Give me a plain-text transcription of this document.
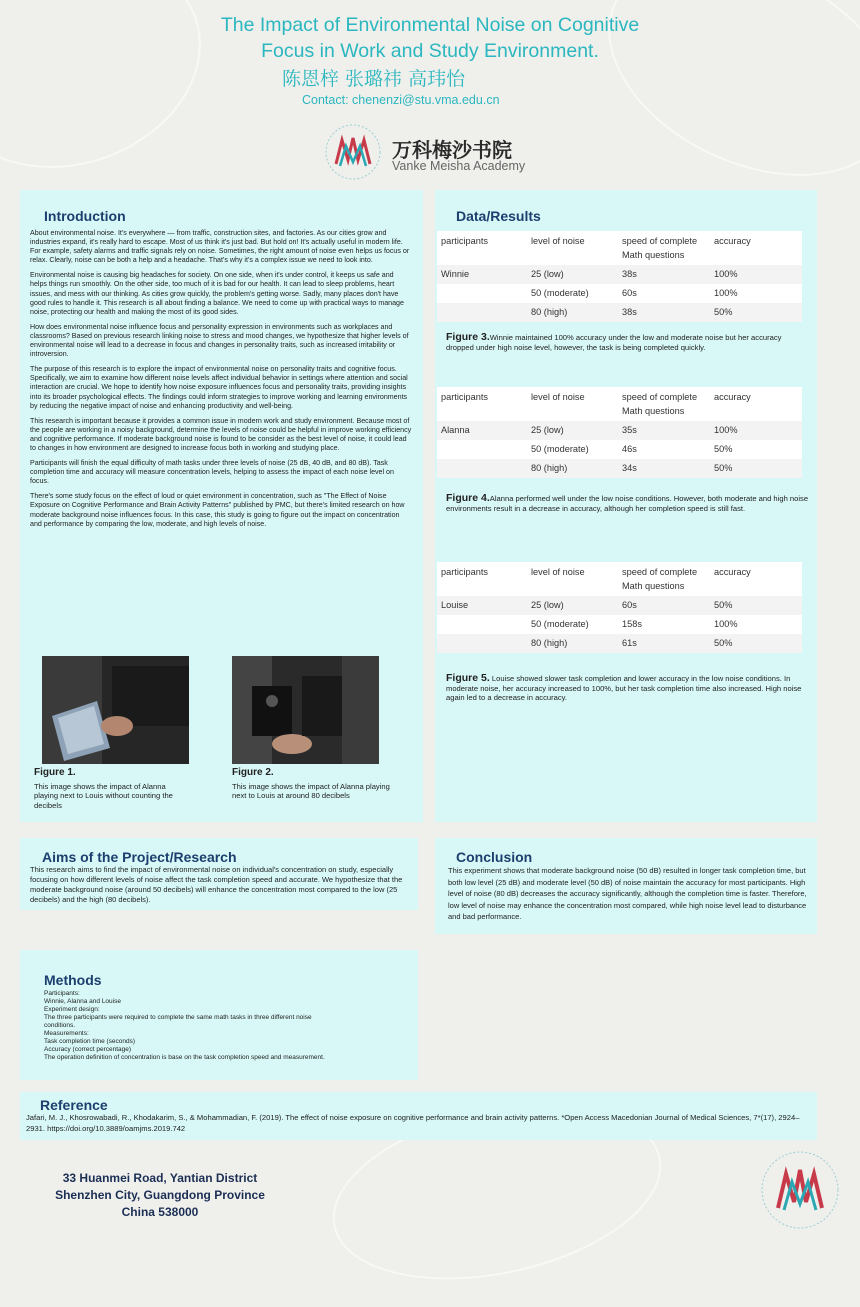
The Impact of Environmental Noise on Cognitive
Focus in Work and Study Environment.
陈恩梓 张璐祎 高玮怡
Contact: chenenzi@stu.vma.edu.cn
万科梅沙书院
Vanke Meisha Academy
Introduction

About environmental noise. It's everywhere — from traffic, construction sites, and factories. As our cities grow and industries expand, it's really hard to escape. Most of us think it's just bad. But hold on! It's actually useful in modern life. For example, safety alarms and traffic signals rely on noise. Sometimes, the right amount of noise even helps us focus or relax. Clearly, noise can be both a help and a headache. That's why it's a complex issue we need to look into.

Environmental noise is causing big headaches for society. On one side, when it's under control, it keeps us safe and helps things run smoothly. On the other side, too much of it is bad for our health. It can lead to sleep problems, heart issues, and mess with our thinking. As cities grow quickly, the problem's getting worse. Sadly, many places don't have good rules to handle it. This research is all about finding a balance. We need to come up with practical ways to manage noise, protecting our health and making the most of its good sides.

How does environmental noise influence focus and personality expression in environments such as workplaces and classrooms? Based on previous research linking noise to stress and mood changes, we hypothesize that higher levels of environmental noise will lead to a decrease in focus and changes in personality traits, such as increased irritability or introversion.

The purpose of this research is to explore the impact of environmental noise on personality traits and cognitive focus. Specifically, we aim to examine how different noise levels affect individual behavior in settings where attention and social interaction are crucial. We hope to identify how noise exposure influences focus and personality traits, providing insights into its broader psychological effects. The findings could inform strategies to improve working and learning environments by reducing the negative impact of noise and enhancing productivity and well-being.

This research is important because it provides a common issue in modern work and study environment. Because most of the people are working in a noisy background, determine the levels of noise could be helpful in improve working efficiency and cognitive performance. If moderate background noise is found to be consider as the best level of noise, it could lead to changes in how environment are designed to increase focus both in working and studying place.

Participants will finish the equal difficulty of math tasks under three levels of noise (25 dB, 40 dB, and 80 dB). Task completion time and accuracy will measure concentration levels, helping to assess the impact of each noise level on focus.

There's some study focus on the effect of loud or quiet environment in concentration, such as "The Effect of Noise Exposure on Cognitive Performance and Brain Activity Patterns" published by PMC, but there's limited research on how moderate background noise influences focus. In this case, this study is going to figure out the impact on concentration and performance by comparing the low, moderate, and high levels of noise.

Figure 1.
This image shows the impact of Alanna playing next to Louis without counting the decibels
Figure 2.
This image shows the impact of Alanna playing next to Louis at around 80 decibels
Data/Results
participants	level of noise	speed of complete Math questions	accuracy
Winnie	25 (low)	38s	100%
	50 (moderate)	60s	100%
	80 (high)	38s	50%
Figure 3.Winnie maintained 100% accuracy under the low and moderate noise but her accuracy dropped under high noise level, however, the task is being completed quickly.
participants	level of noise	speed of complete Math questions	accuracy
Alanna	25 (low)	35s	100%
	50 (moderate)	46s	50%
	80 (high)	34s	50%
Figure 4.Alanna performed well under the low noise conditions. However, both moderate and high noise environments result in a decrease in accuracy, although her completion speed is still fast.
participants	level of noise	speed of complete Math questions	accuracy
Louise	25 (low)	60s	50%
	50 (moderate)	158s	100%
	80 (high)	61s	50%
Figure 5. Louise showed slower task completion and lower accuracy in the low noise conditions. In moderate noise, her accuracy increased to 100%, but her task completion time also increased. High noise again led to a decrease in accuracy.
Aims of the Project/Research
This research aims to find the impact of environmental noise on individual's concentration on study, especially focusing on how different levels of noise affect the task completion speed and accurate. We hypothesize that the moderate background noise (around 50 decibels) will enhance the concentration most compared to the low (25 decibels) and the high (80 decibels).
Conclusion
This experiment shows that moderate background noise (50 dB) resulted in longer task completion time, but both low level (25 dB) and moderate level (50 dB) of noise maintain the accuracy for most participants. High level of noise (80 dB) decreases the accuracy significantly, although the completion time is faster. Therefore, low level of noise may enhance the concentration most compared, while high noise level lead to disturbance and bad performance.
Methods
Participants:
Winnie, Alanna and Louise
Experiment design:
The three participants were required to complete the same math tasks in three different noise conditions.
Measurements:
Task completion time (seconds)
Accuracy (correct percentage)
The operation definition of concentration is base on the task completion speed and measurement.
Reference
Jafari, M. J., Khosrowabadi, R., Khodakarim, S., & Mohammadian, F. (2019). The effect of noise exposure on cognitive performance and brain activity patterns. *Open Access Macedonian Journal of Medical Sciences, 7*(17), 2924–2931. https://doi.org/10.3889/oamjms.2019.742
33 Huanmei Road, Yantian District
Shenzhen City, Guangdong Province
China 538000
